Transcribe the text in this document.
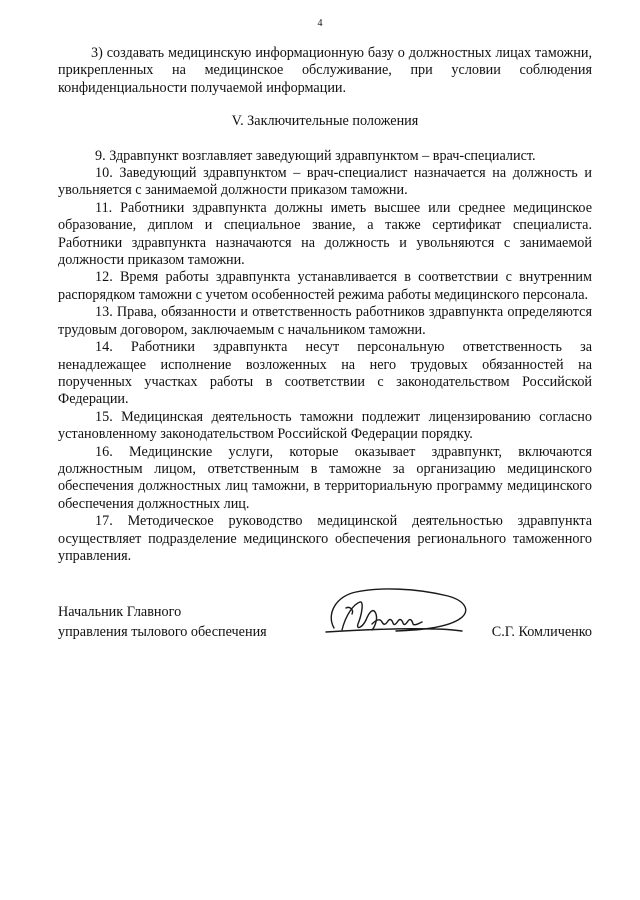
4

3) создавать медицинскую информационную базу о должностных лицах таможни, прикрепленных на медицинское обслуживание, при условии соблюдения конфиденциальности получаемой информации.

V. Заключительные положения

9. Здравпункт возглавляет заведующий здравпунктом – врач-специалист.

10. Заведующий здравпунктом – врач-специалист назначается на должность и увольняется с занимаемой должности приказом таможни.

11. Работники здравпункта должны иметь высшее или среднее медицинское образование, диплом и специальное звание, а также сертификат специалиста. Работники здравпункта назначаются на должность и увольняются с занимаемой должности приказом таможни.

12. Время работы здравпункта устанавливается в соответствии с внутренним распорядком таможни с учетом особенностей режима работы медицинского персонала.

13. Права, обязанности и ответственность работников здравпункта определяются трудовым договором, заключаемым с начальником таможни.

14. Работники здравпункта несут персональную ответственность за ненадлежащее исполнение возложенных на него трудовых обязанностей на порученных участках работы в соответствии с законодательством Российской Федерации.

15. Медицинская деятельность таможни подлежит лицензированию согласно установленному законодательством Российской Федерации порядку.

16. Медицинские услуги, которые оказывает здравпункт, включаются должностным лицом, ответственным в таможне за организацию медицинского обеспечения должностных лиц таможни, в территориальную программу медицинского обеспечения должностных лиц.

17. Методическое руководство медицинской деятельностью здравпункта осуществляет подразделение медицинского обеспечения регионального таможенного управления.

Начальник Главного
управления тылового обеспечения	С.Г. Комличенко
